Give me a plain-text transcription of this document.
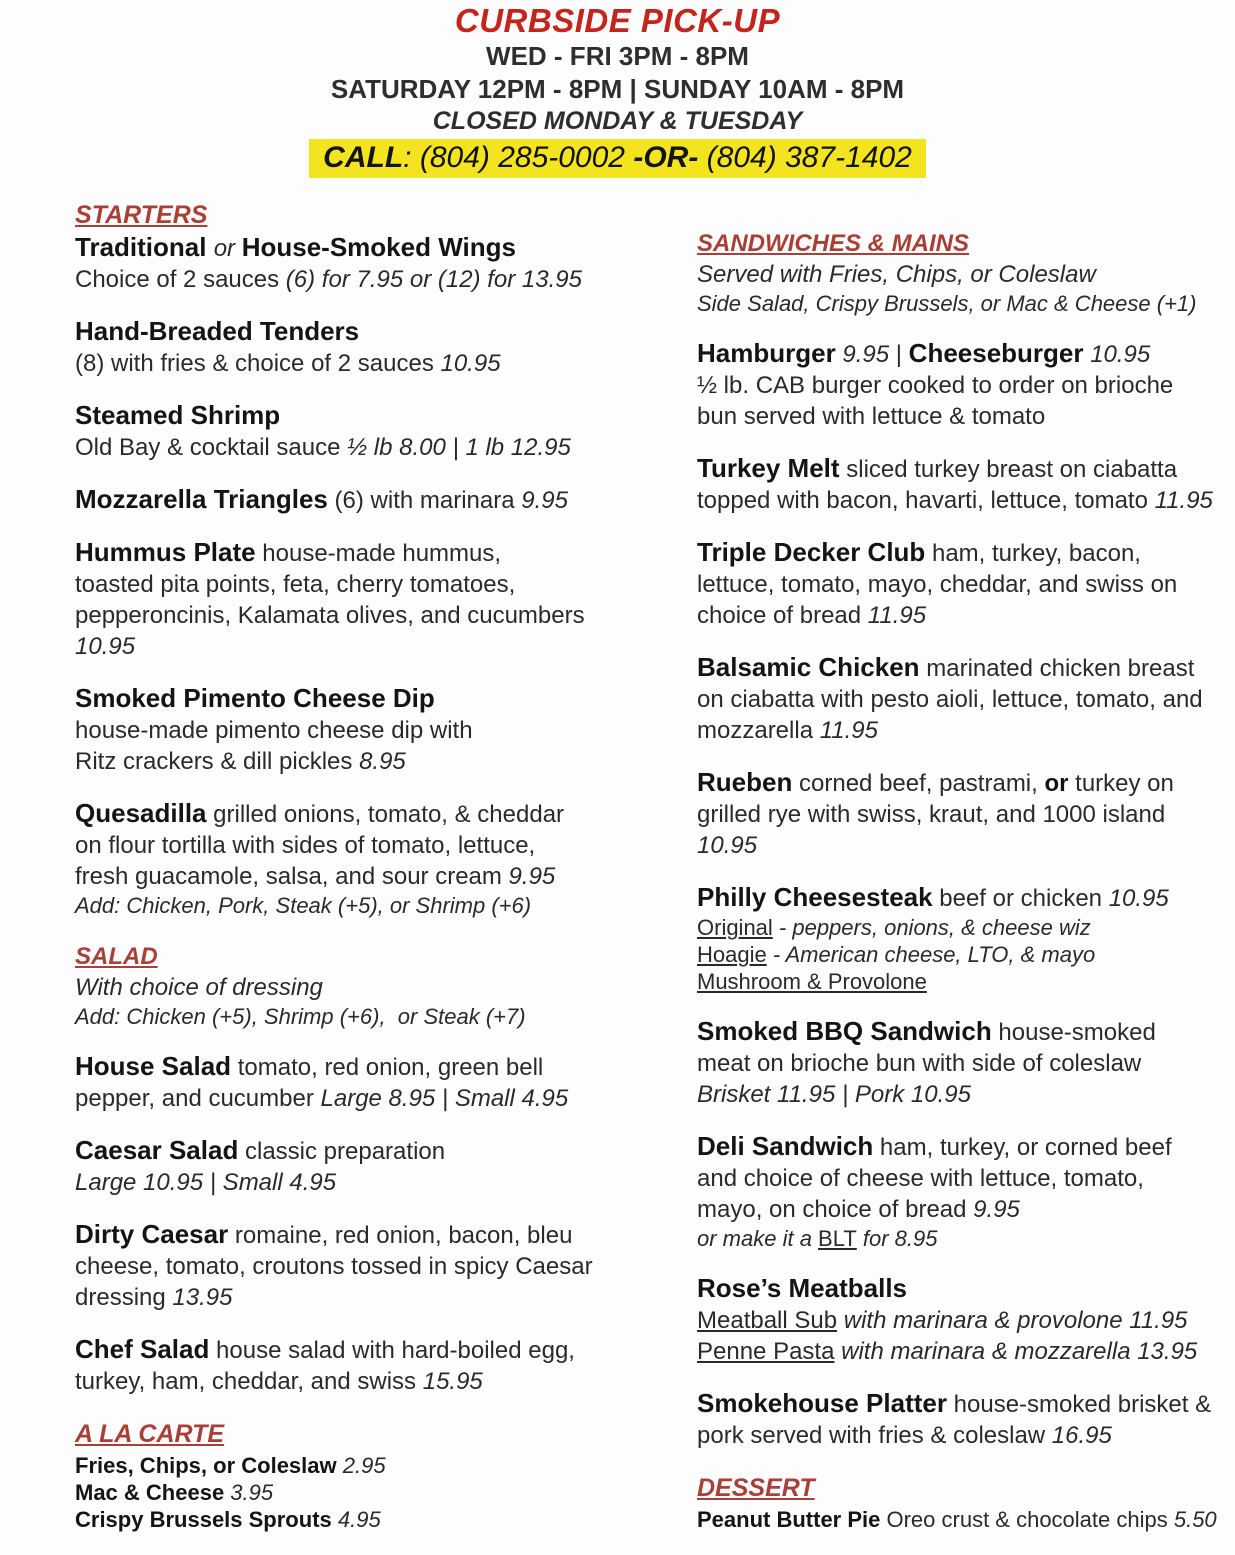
CURBSIDE PICK-UP

WED - FRI 3PM - 8PM

SATURDAY 12PM - 8PM | SUNDAY 10AM - 8PM

CLOSED MONDAY & TUESDAY

CALL: (804) 285-0002 -OR- (804) 387-1402

STARTERS

Traditional or House-Smoked Wings

Choice of 2 sauces (6) for 7.95 or (12) for 13.95

Hand-Breaded Tenders

(8) with fries & choice of 2 sauces 10.95

Steamed Shrimp

Old Bay & cocktail sauce ½ lb 8.00 | 1 lb 12.95

Mozzarella Triangles (6) with marinara 9.95

Hummus Plate house-made hummus,

toasted pita points, feta, cherry tomatoes,

pepperoncinis, Kalamata olives, and cucumbers

10.95

Smoked Pimento Cheese Dip

house-made pimento cheese dip with

Ritz crackers & dill pickles 8.95

Quesadilla grilled onions, tomato, & cheddar

on flour tortilla with sides of tomato, lettuce,

fresh guacamole, salsa, and sour cream 9.95

Add: Chicken, Pork, Steak (+5), or Shrimp (+6)

SALAD

With choice of dressing

Add: Chicken (+5), Shrimp (+6),  or Steak (+7)

House Salad tomato, red onion, green bell

pepper, and cucumber Large 8.95 | Small 4.95

Caesar Salad classic preparation

Large 10.95 | Small 4.95

Dirty Caesar romaine, red onion, bacon, bleu

cheese, tomato, croutons tossed in spicy Caesar

dressing 13.95

Chef Salad house salad with hard-boiled egg,

turkey, ham, cheddar, and swiss 15.95

A LA CARTE

Fries, Chips, or Coleslaw 2.95

Mac & Cheese 3.95

Crispy Brussels Sprouts 4.95

SANDWICHES & MAINS

Served with Fries, Chips, or Coleslaw

Side Salad, Crispy Brussels, or Mac & Cheese (+1)

Hamburger 9.95 | Cheeseburger 10.95

½ lb. CAB burger cooked to order on brioche

bun served with lettuce & tomato

Turkey Melt sliced turkey breast on ciabatta

topped with bacon, havarti, lettuce, tomato 11.95

Triple Decker Club ham, turkey, bacon,

lettuce, tomato, mayo, cheddar, and swiss on

choice of bread 11.95

Balsamic Chicken marinated chicken breast

on ciabatta with pesto aioli, lettuce, tomato, and

mozzarella 11.95

Rueben corned beef, pastrami, or turkey on

grilled rye with swiss, kraut, and 1000 island

10.95

Philly Cheesesteak beef or chicken 10.95

Original - peppers, onions, & cheese wiz

Hoagie - American cheese, LTO, & mayo

Mushroom & Provolone

Smoked BBQ Sandwich house-smoked

meat on brioche bun with side of coleslaw

Brisket 11.95 | Pork 10.95

Deli Sandwich ham, turkey, or corned beef

and choice of cheese with lettuce, tomato,

mayo, on choice of bread 9.95

or make it a BLT for 8.95

Rose’s Meatballs

Meatball Sub with marinara & provolone 11.95

Penne Pasta with marinara & mozzarella 13.95

Smokehouse Platter house-smoked brisket &

pork served with fries & coleslaw 16.95

DESSERT

Peanut Butter Pie Oreo crust & chocolate chips 5.50
